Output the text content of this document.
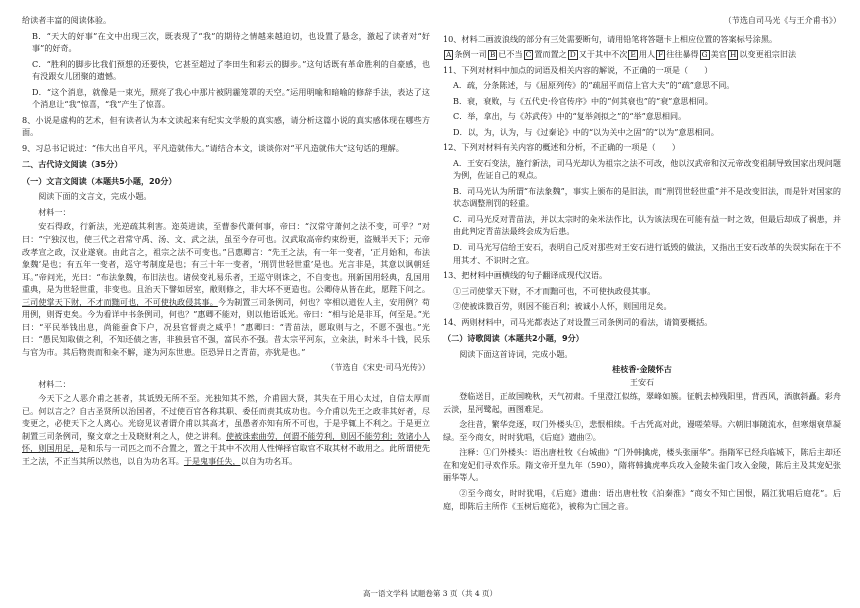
给读者丰富的阅读体验。

B．“天大的好事”在文中出现三次，既表现了“我”的期待之情越来越迫切，也设置了悬念，激起了读者对“好事”的好奇。

C．“胜利的脚步比我们预想的还要快，它甚至超过了李田生和彩云的脚步。”这句话既有革命胜利的自豪感，也有没跟女儿团聚的遗憾。

D．“这个消息，就像是一束光，照亮了我心中那片被阴霾笼罩的天空。”运用明喻和暗喻的修辞手法，表达了这个消息让“我”惊喜，“我”产生了惊喜。

8、小说是虚构的艺术，但有读者认为本文读起来有纪实文学般的真实感，请分析这篇小说的真实感体现在哪些方面。

9、习总书记说过：“伟大出自平凡，平凡造就伟大。”请结合本文，谈谈你对“平凡造就伟大”这句话的理解。

二、古代诗文阅读（35分）
（一）文言文阅读（本题共5小题，20分）

阅读下面的文言文，完成小题。

材料一：

安石得政，行新法，光逆疏其利害。迩英进读，至曹参代萧何事，帝曰：“汉常守萧何之法不变，可乎？”对曰：“宁独汉也，使三代之君常守禹、汤、文、武之法，虽至今存可也。汉武取高帝约束纷更，盗贼半天下；元帝改孝宣之政，汉业遂衰。由此言之，祖宗之法不可变也。”吕惠卿言：“先王之法，有一年一变者，‘正月始和，布法象魏’是也；有五年一变者，巡守考制度是也；有三十年一变者，‘刑罚世轻世重’是也。光言非是，其意以讽朝廷耳。”帝问光，光曰：“布法象魏，布旧法也。诸侯变礼易乐者，王巡守则诛之，不自变也。刑新国用轻典，乱国用重典，是为世轻世重，非变也。且治天下譬如居室，敝则修之，非大坏不更造也。公卿侍从皆在此，愿陛下问之。三司使掌天下财，不才而黜可也，不可使执政侵其事。今为制置三司条例司，何也？宰相以道佐人主，安用例？苟用例，则胥吏矣。今为看详中书条例司，何也？”惠卿不能对，则以他语诋光。帝曰：“相与论是非耳，何至是。”光曰：“平民举钱出息，尚能蚕食下户，况县官督责之威乎！”惠卿曰：“青苗法，愿取则与之，不愿不强也。”光曰：“愚民知取债之利，不知还债之害，非独县官不强，富民亦不强。昔太宗平河东，立籴法，时米斗十钱，民乐与官为市。其后物贵而和籴不解，遂为河东世患。臣恐异日之青苗，亦犹是也。”

（节选自《宋史·司马光传》）

材料二：

今天下之人恶介甫之甚者，其诋毁无所不至。光独知其不然，介甫固大贤，其失在于用心太过，自信太厚而已。何以言之？自古圣贤所以治国者，不过使百官各称其职、委任而责其成功也。今介甫以先王之政非其好者，尽变更之，必使天下之人离心。光窃见议者谓介甫以其高才，虽愚者亦知有所不可也，于是乎辄上不利之。于是更立制置三司条例司，聚文章之士及晓财利之人，使之讲利。使被诛索曲劳，何谓不能劳利，则因不能劳利；效诸小人怀，则国用足，是和乐与一司匹之而不合置之，置之于其中不次用人性惮择官取官不取其材不敢用之。此所谓使先王之法，不正当其所以然也，以自为功名耳。于是鬼事任失，以自为功名耳。

（节选自司马光《与王介甫书》）

10、材料二画波浪线的部分有三处需要断句，请用铅笔将答题卡上相应位置的答案标号涂黑。

A 条例一司 B 已不当 C 置而置之 D 又于其中不次 E 用人 F 往往暴得 G 美官 H 以变更祖宗旧法

11、下列对材料中加点的词语及相关内容的解说，不正确的一项是（　　）

A．疏，分条陈述，与《屈原列传》的“疏屈平而信上官大夫”的“疏”意思不同。

B．衰，衰败，与《五代史·伶官传序》中的“何其衰也”的“衰”意思相同。

C．举，拿出，与《苏武传》中的“复举剑拟之”的“举”意思相同。

D．以，为，认为，与《过秦论》中的“以为关中之固”的“以为”意思相同。

12、下列对材料有关内容的概述和分析，不正确的一项是（　　）

A．王安石变法，施行新法，司马光却认为祖宗之法不可改，他以汉武帝和汉元帝改变祖制导致国家出现问题为例，佐证自己的观点。

B．司马光认为所谓“布法象魏”，事实上颁布的是旧法，而“刑罚世轻世重”并不是改变旧法，而是针对国家的状态调整刑罚的轻重。

C．司马光反对青苗法，并以太宗时的籴米法作比，认为该法现在可能有益一时之效，但最后却成了祸患，并由此判定青苗法最终会成为后患。

D．司马光写信给王安石，表明自己反对那些对王安石进行诋毁的做法，又指出王安石改革的失误实际在于不用其才、不识时之宜。

13、把材料中画横线的句子翻译成现代汉语。

①三司使掌天下财，不才而黜可也，不可使执政侵其事。

②使被诛戮百劳，则因不能百利；被诚小人怀，则国用足矣。

14、两则材料中，司马光都表达了对设置三司条例司的看法，请简要概括。

（二）诗歌阅读（本题共2小题，9分）

阅读下面这首诗词，完成小题。

桂枝香·金陵怀古
王安石

登临送目，正故国晚秋，天气初肃。千里澄江似练，翠峰如簇。征帆去棹残阳里，背西风，酒旗斜矗。彩舟云淡，星河鹭起，画图难足。

念往昔，繁华竞逐，叹门外楼头①，悲恨相续。千古凭高对此，谩嗟荣辱。六朝旧事随流水，但寒烟衰草凝绿。至今商女，时时犹唱，《后庭》遗曲②。

注释：①门外楼头：语出唐杜牧《台城曲》“门外韩擒虎，楼头张丽华”。指隋军已经兵临城下，陈后主却还在和宠妃们寻欢作乐。隋文帝开皇九年（590），隋将韩擒虎率兵攻入金陵朱雀门攻入金陵，陈后主及其宠妃张丽华等人。

②至今商女，时时犹唱，《后庭》遗曲：语出唐杜牧《泊秦淮》“商女不知亡国恨，隔江犹唱后庭花”。后庭，即陈后主所作《玉树后庭花》，被称为亡国之音。

高一语文学科 试题卷第 3 页（共 4 页）
